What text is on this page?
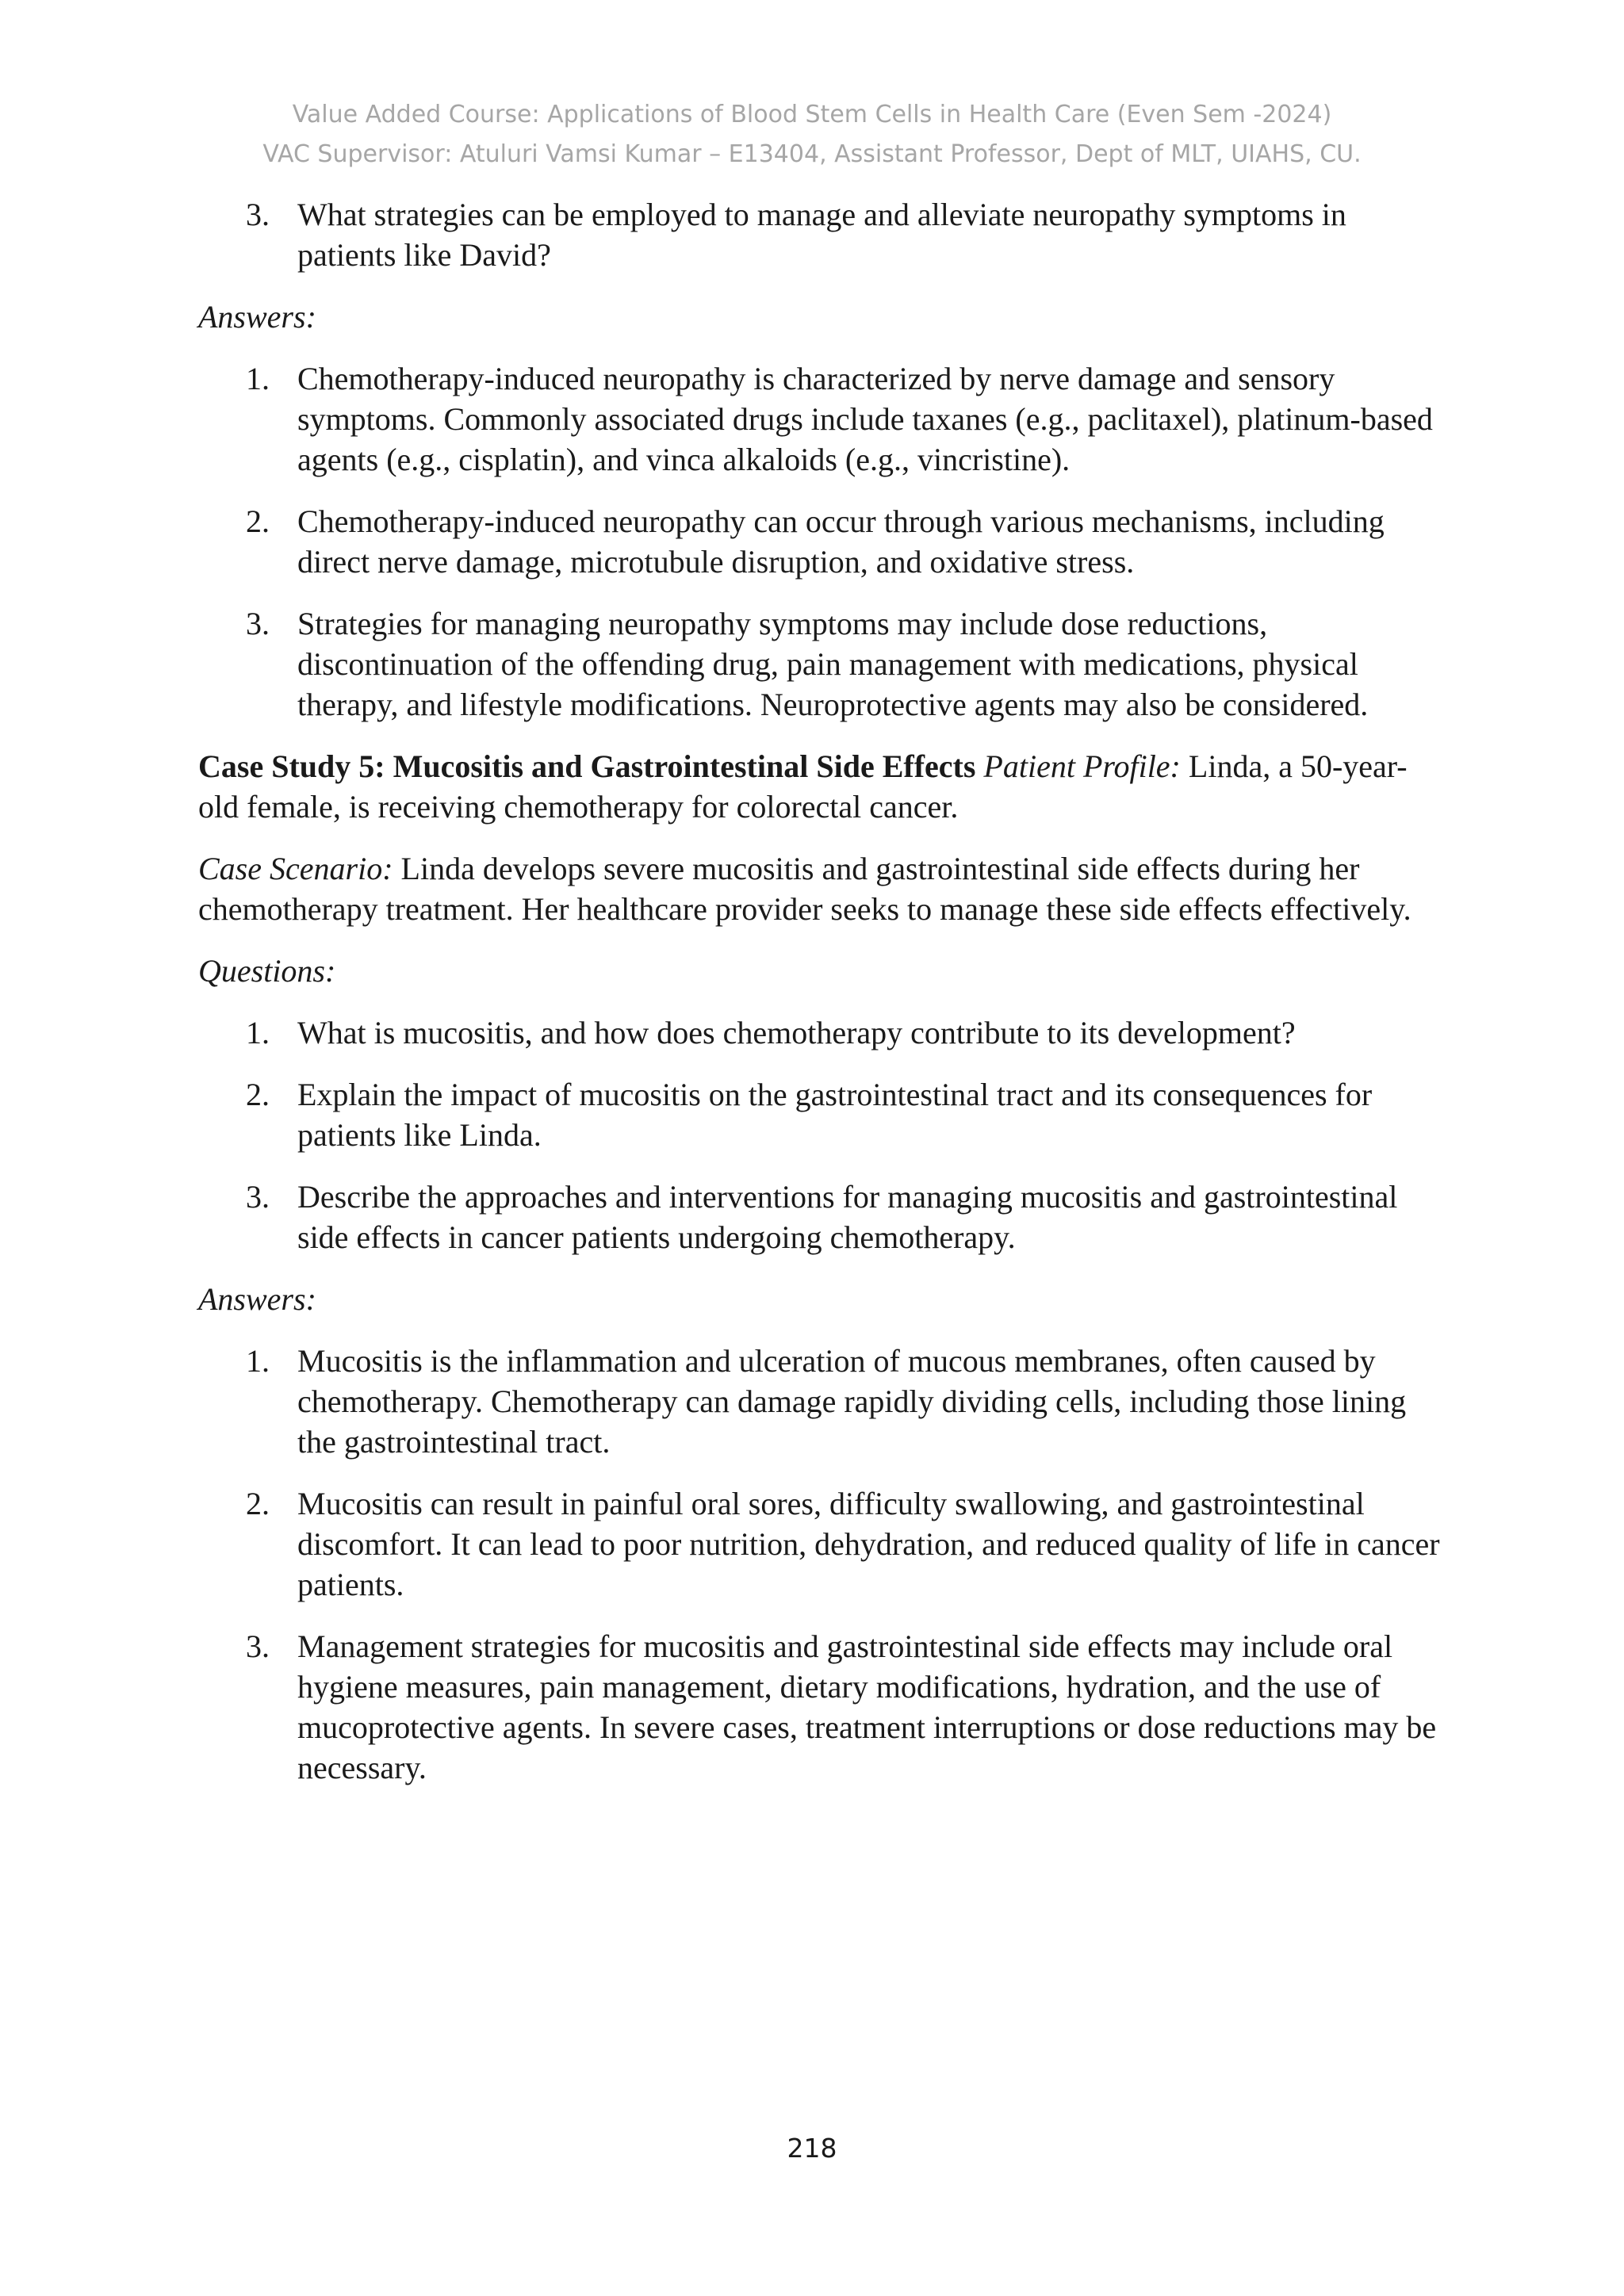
Value Added Course: Applications of Blood Stem Cells in Health Care (Even Sem -2024)
VAC Supervisor: Atuluri Vamsi Kumar – E13404, Assistant Professor, Dept of MLT, UIAHS, CU.
3. What strategies can be employed to manage and alleviate neuropathy symptoms in patients like David?

Answers:

1. Chemotherapy-induced neuropathy is characterized by nerve damage and sensory symptoms. Commonly associated drugs include taxanes (e.g., paclitaxel), platinum-based agents (e.g., cisplatin), and vinca alkaloids (e.g., vincristine).
2. Chemotherapy-induced neuropathy can occur through various mechanisms, including direct nerve damage, microtubule disruption, and oxidative stress.
3. Strategies for managing neuropathy symptoms may include dose reductions, discontinuation of the offending drug, pain management with medications, physical therapy, and lifestyle modifications. Neuroprotective agents may also be considered.

Case Study 5: Mucositis and Gastrointestinal Side Effects Patient Profile: Linda, a 50-year-old female, is receiving chemotherapy for colorectal cancer.

Case Scenario: Linda develops severe mucositis and gastrointestinal side effects during her chemotherapy treatment. Her healthcare provider seeks to manage these side effects effectively.

Questions:

1. What is mucositis, and how does chemotherapy contribute to its development?
2. Explain the impact of mucositis on the gastrointestinal tract and its consequences for patients like Linda.
3. Describe the approaches and interventions for managing mucositis and gastrointestinal side effects in cancer patients undergoing chemotherapy.

Answers:

1. Mucositis is the inflammation and ulceration of mucous membranes, often caused by chemotherapy. Chemotherapy can damage rapidly dividing cells, including those lining the gastrointestinal tract.
2. Mucositis can result in painful oral sores, difficulty swallowing, and gastrointestinal discomfort. It can lead to poor nutrition, dehydration, and reduced quality of life in cancer patients.
3. Management strategies for mucositis and gastrointestinal side effects may include oral hygiene measures, pain management, dietary modifications, hydration, and the use of mucoprotective agents. In severe cases, treatment interruptions or dose reductions may be necessary.
218
